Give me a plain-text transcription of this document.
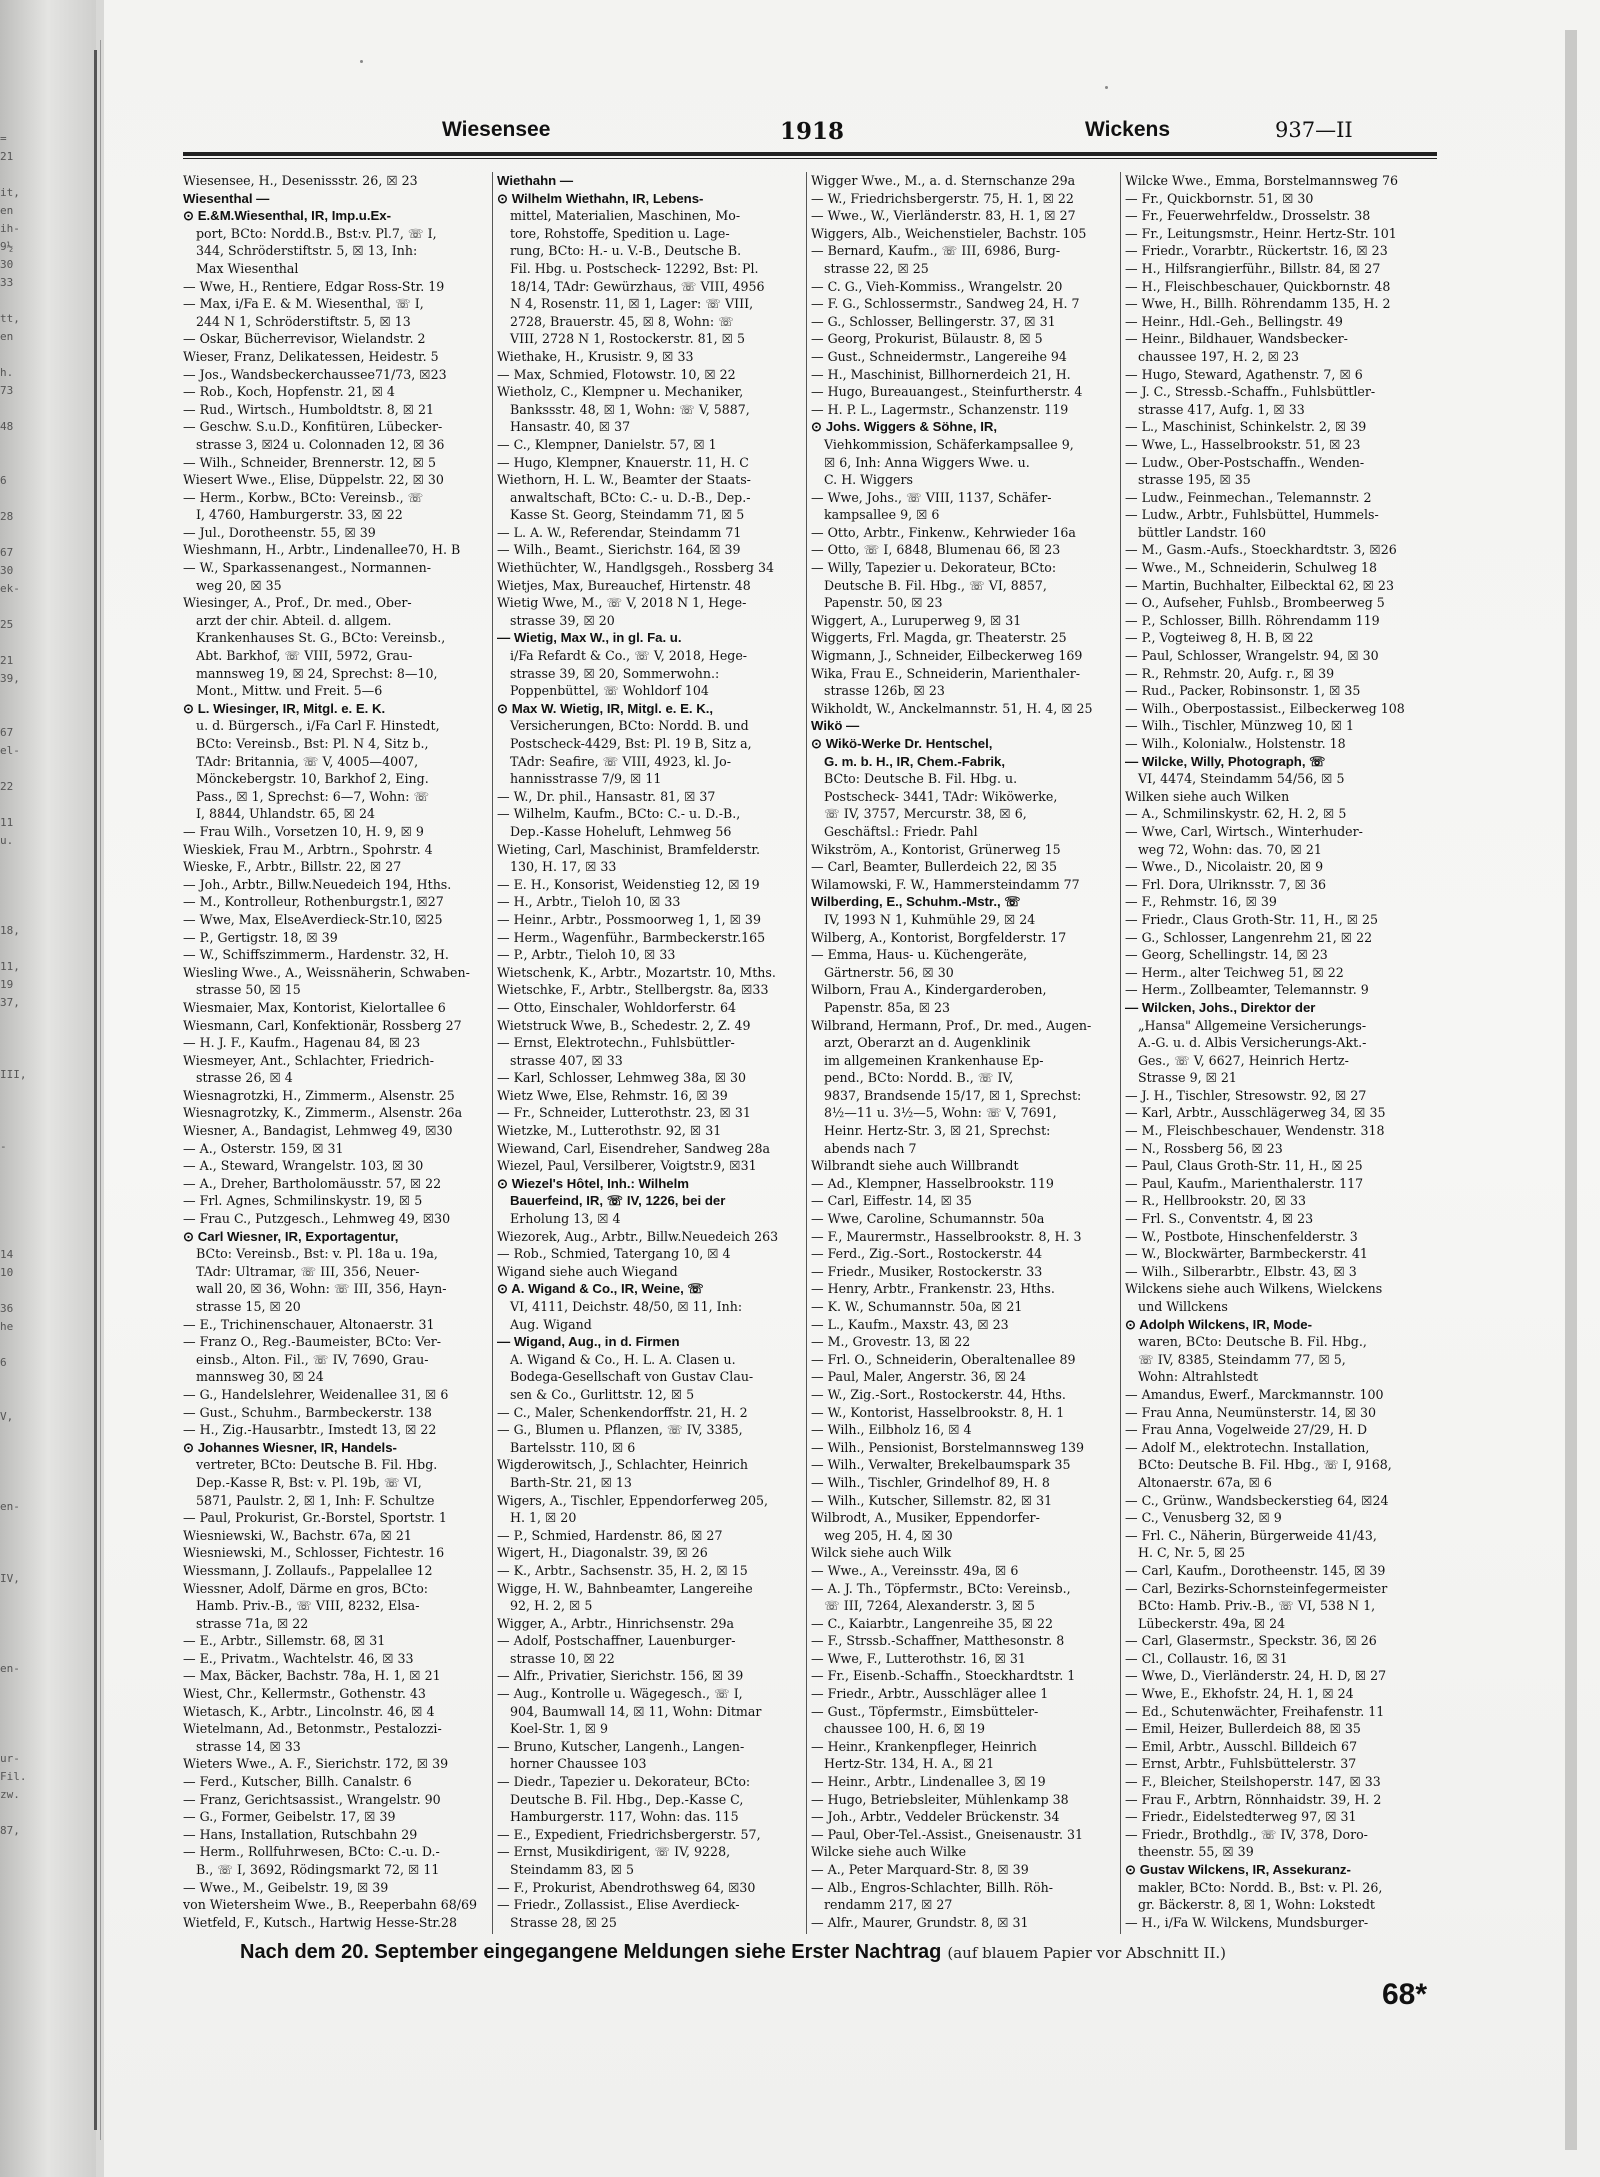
=
21

it,
en
ih-
9½
30
33

tt,
en

h.
73

48

6

28

67
30
ek-

25

21
39,

67
el-

22

11
u.

18,

11,
19
37,

III,

-

14
10

36
he

6

V,

en-

IV,

en-

ur-
Fil.
zw.

87,

Wiesensee	1918	Wickens	937—II
Wiesensee, H., Desenissstr. 26, ☒ 23
Wiesenthal —
⊙ E.&M.Wiesenthal, IR, Imp.u.Ex-
port, BCto: Nordd.B., Bst:v. Pl.7, ☏ I,
344, Schröderstiftstr. 5, ☒ 13, Inh:
Max Wiesenthal
— Wwe, H., Rentiere, Edgar Ross-Str. 19
— Max, i/Fa E. & M. Wiesenthal, ☏ I,
244 N 1, Schröderstiftstr. 5, ☒ 13
— Oskar, Bücherrevisor, Wielandstr. 2
Wieser, Franz, Delikatessen, Heidestr. 5
— Jos., Wandsbeckerchaussee71/73, ☒23
— Rob., Koch, Hopfenstr. 21, ☒ 4
— Rud., Wirtsch., Humboldtstr. 8, ☒ 21
— Geschw. S.u.D., Konfitüren, Lübecker-
strasse 3, ☒24 u. Colonnaden 12, ☒ 36
— Wilh., Schneider, Brennerstr. 12, ☒ 5
Wiesert Wwe., Elise, Düppelstr. 22, ☒ 30
— Herm., Korbw., BCto: Vereinsb., ☏
I, 4760, Hamburgerstr. 33, ☒ 22
— Jul., Dorotheenstr. 55, ☒ 39
Wieshmann, H., Arbtr., Lindenallee70, H. B
— W., Sparkassenangest., Normannen-
weg 20, ☒ 35
Wiesinger, A., Prof., Dr. med., Ober-
arzt der chir. Abteil. d. allgem.
Krankenhauses St. G., BCto: Vereinsb.,
Abt. Barkhof, ☏ VIII, 5972, Grau-
mannsweg 19, ☒ 24, Sprechst: 8—10,
Mont., Mittw. und Freit. 5—6
⊙ L. Wiesinger, IR, Mitgl. e. E. K.
u. d. Bürgersch., i/Fa Carl F. Hinstedt,
BCto: Vereinsb., Bst: Pl. N 4, Sitz b.,
TAdr: Britannia, ☏ V, 4005—4007,
Mönckebergstr. 10, Barkhof 2, Eing.
Pass., ☒ 1, Sprechst: 6—7, Wohn: ☏
I, 8844, Uhlandstr. 65, ☒ 24
— Frau Wilh., Vorsetzen 10, H. 9, ☒ 9
Wieskiek, Frau M., Arbtrn., Spohrstr. 4
Wieske, F., Arbtr., Billstr. 22, ☒ 27
— Joh., Arbtr., Billw.Neuedeich 194, Hths.
— M., Kontrolleur, Rothenburgstr.1, ☒27
— Wwe, Max, ElseAverdieck-Str.10, ☒25
— P., Gertigstr. 18, ☒ 39
— W., Schiffszimmerm., Hardenstr. 32, H.
Wiesling Wwe., A., Weissnäherin, Schwaben-
strasse 50, ☒ 15
Wiesmaier, Max, Kontorist, Kielortallee 6
Wiesmann, Carl, Konfektionär, Rossberg 27
— H. J. F., Kaufm., Hagenau 84, ☒ 23
Wiesmeyer, Ant., Schlachter, Friedrich-
strasse 26, ☒ 4
Wiesnagrotzki, H., Zimmerm., Alsenstr. 25
Wiesnagrotzky, K., Zimmerm., Alsenstr. 26a
Wiesner, A., Bandagist, Lehmweg 49, ☒30
— A., Osterstr. 159, ☒ 31
— A., Steward, Wrangelstr. 103, ☒ 30
— A., Dreher, Bartholomäusstr. 57, ☒ 22
— Frl. Agnes, Schmilinskystr. 19, ☒ 5
— Frau C., Putzgesch., Lehmweg 49, ☒30
⊙ Carl Wiesner, IR, Exportagentur,
BCto: Vereinsb., Bst: v. Pl. 18a u. 19a,
TAdr: Ultramar, ☏ III, 356, Neuer-
wall 20, ☒ 36, Wohn: ☏ III, 356, Hayn-
strasse 15, ☒ 20
— E., Trichinenschauer, Altonaerstr. 31
— Franz O., Reg.-Baumeister, BCto: Ver-
einsb., Alton. Fil., ☏ IV, 7690, Grau-
mannsweg 30, ☒ 24
— G., Handelslehrer, Weidenallee 31, ☒ 6
— Gust., Schuhm., Barmbeckerstr. 138
— H., Zig.-Hausarbtr., Imstedt 13, ☒ 22
⊙ Johannes Wiesner, IR, Handels-
vertreter, BCto: Deutsche B. Fil. Hbg.
Dep.-Kasse R, Bst: v. Pl. 19b, ☏ VI,
5871, Paulstr. 2, ☒ 1, Inh: F. Schultze
— Paul, Prokurist, Gr.-Borstel, Sportstr. 1
Wiesniewski, W., Bachstr. 67a, ☒ 21
Wiesniewski, M., Schlosser, Fichtestr. 16
Wiessmann, J. Zollaufs., Pappelallee 12
Wiessner, Adolf, Därme en gros, BCto:
Hamb. Priv.-B., ☏ VIII, 8232, Elsa-
strasse 71a, ☒ 22
— E., Arbtr., Sillemstr. 68, ☒ 31
— E., Privatm., Wachtelstr. 46, ☒ 33
— Max, Bäcker, Bachstr. 78a, H. 1, ☒ 21
Wiest, Chr., Kellermstr., Gothenstr. 43
Wietasch, K., Arbtr., Lincolnstr. 46, ☒ 4
Wietelmann, Ad., Betonmstr., Pestalozzi-
strasse 14, ☒ 33
Wieters Wwe., A. F., Sierichstr. 172, ☒ 39
— Ferd., Kutscher, Billh. Canalstr. 6
— Franz, Gerichtsassist., Wrangelstr. 90
— G., Former, Geibelstr. 17, ☒ 39
— Hans, Installation, Rutschbahn 29
— Herm., Rollfuhrwesen, BCto: C.-u. D.-
B., ☏ I, 3692, Rödingsmarkt 72, ☒ 11
— Wwe., M., Geibelstr. 19, ☒ 39
von Wietersheim Wwe., B., Reeperbahn 68/69
Wietfeld, F., Kutsch., Hartwig Hesse-Str.28
Wiethahn —
⊙ Wilhelm Wiethahn, IR, Lebens-
mittel, Materialien, Maschinen, Mo-
tore, Rohstoffe, Spedition u. Lage-
rung, BCto: H.- u. V.-B., Deutsche B.
Fil. Hbg. u. Postscheck- 12292, Bst: Pl.
18/14, TAdr: Gewürzhaus, ☏ VIII, 4956
N 4, Rosenstr. 11, ☒ 1, Lager: ☏ VIII,
2728, Brauerstr. 45, ☒ 8, Wohn: ☏
VIII, 2728 N 1, Rostockerstr. 81, ☒ 5
Wiethake, H., Krusistr. 9, ☒ 33
— Max, Schmied, Flotowstr. 10, ☒ 22
Wietholz, C., Klempner u. Mechaniker,
Bankssstr. 48, ☒ 1, Wohn: ☏ V, 5887,
Hansastr. 40, ☒ 37
— C., Klempner, Danielstr. 57, ☒ 1
— Hugo, Klempner, Knauerstr. 11, H. C
Wiethorn, H. L. W., Beamter der Staats-
anwaltschaft, BCto: C.- u. D.-B., Dep.-
Kasse St. Georg, Steindamm 71, ☒ 5
— L. A. W., Referendar, Steindamm 71
— Wilh., Beamt., Sierichstr. 164, ☒ 39
Wiethüchter, W., Handlgsgeh., Rossberg 34
Wietjes, Max, Bureauchef, Hirtenstr. 48
Wietig Wwe, M., ☏ V, 2018 N 1, Hege-
strasse 39, ☒ 20
— Wietig, Max W., in gl. Fa. u.
i/Fa Refardt & Co., ☏ V, 2018, Hege-
strasse 39, ☒ 20, Sommerwohn.:
Poppenbüttel, ☏ Wohldorf 104
⊙ Max W. Wietig, IR, Mitgl. e. E. K.,
Versicherungen, BCto: Nordd. B. und
Postscheck-4429, Bst: Pl. 19 B, Sitz a,
TAdr: Seafire, ☏ VIII, 4923, kl. Jo-
hannisstrasse 7/9, ☒ 11
— W., Dr. phil., Hansastr. 81, ☒ 37
— Wilhelm, Kaufm., BCto: C.- u. D.-B.,
Dep.-Kasse Hoheluft, Lehmweg 56
Wieting, Carl, Maschinist, Bramfelderstr.
130, H. 17, ☒ 33
— E. H., Konsorist, Weidenstieg 12, ☒ 19
— H., Arbtr., Tieloh 10, ☒ 33
— Heinr., Arbtr., Possmoorweg 1, 1, ☒ 39
— Herm., Wagenführ., Barmbeckerstr.165
— P., Arbtr., Tieloh 10, ☒ 33
Wietschenk, K., Arbtr., Mozartstr. 10, Mths.
Wietschke, F., Arbtr., Stellbergstr. 8a, ☒33
— Otto, Einschaler, Wohldorferstr. 64
Wietstruck Wwe, B., Schedestr. 2, Z. 49
— Ernst, Elektrotechn., Fuhlsbüttler-
strasse 407, ☒ 33
— Karl, Schlosser, Lehmweg 38a, ☒ 30
Wietz Wwe, Else, Rehmstr. 16, ☒ 39
— Fr., Schneider, Lutterothstr. 23, ☒ 31
Wietzke, M., Lutterothstr. 92, ☒ 31
Wiewand, Carl, Eisendreher, Sandweg 28a
Wiezel, Paul, Versilberer, Voigtstr.9, ☒31
⊙ Wiezel's Hôtel, Inh.: Wilhelm
Bauerfeind, IR, ☏ IV, 1226, bei der
Erholung 13, ☒ 4
Wiezorek, Aug., Arbtr., Billw.Neuedeich 263
— Rob., Schmied, Tatergang 10, ☒ 4
Wigand siehe auch Wiegand
⊙ A. Wigand & Co., IR, Weine, ☏
VI, 4111, Deichstr. 48/50, ☒ 11, Inh:
Aug. Wigand
— Wigand, Aug., in d. Firmen
A. Wigand & Co., H. L. A. Clasen u.
Bodega-Gesellschaft von Gustav Clau-
sen & Co., Gurlittstr. 12, ☒ 5
— C., Maler, Schenkendorffstr. 21, H. 2
— G., Blumen u. Pflanzen, ☏ IV, 3385,
Bartelsstr. 110, ☒ 6
Wigderowitsch, J., Schlachter, Heinrich
Barth-Str. 21, ☒ 13
Wigers, A., Tischler, Eppendorferweg 205,
H. 1, ☒ 20
— P., Schmied, Hardenstr. 86, ☒ 27
Wigert, H., Diagonalstr. 39, ☒ 26
— K., Arbtr., Sachsenstr. 35, H. 2, ☒ 15
Wigge, H. W., Bahnbeamter, Langereihe
92, H. 2, ☒ 5
Wigger, A., Arbtr., Hinrichsenstr. 29a
— Adolf, Postschaffner, Lauenburger-
strasse 10, ☒ 22
— Alfr., Privatier, Sierichstr. 156, ☒ 39
— Aug., Kontrolle u. Wägegesch., ☏ I,
904, Baumwall 14, ☒ 11, Wohn: Ditmar
Koel-Str. 1, ☒ 9
— Bruno, Kutscher, Langenh., Langen-
horner Chaussee 103
— Diedr., Tapezier u. Dekorateur, BCto:
Deutsche B. Fil. Hbg., Dep.-Kasse C,
Hamburgerstr. 117, Wohn: das. 115
— E., Expedient, Friedrichsbergerstr. 57,
— Ernst, Musikdirigent, ☏ IV, 9228,
Steindamm 83, ☒ 5
— F., Prokurist, Abendrothsweg 64, ☒30
— Friedr., Zollassist., Elise Averdieck-
Strasse 28, ☒ 25
Wigger Wwe., M., a. d. Sternschanze 29a
— W., Friedrichsbergerstr. 75, H. 1, ☒ 22
— Wwe., W., Vierländerstr. 83, H. 1, ☒ 27
Wiggers, Alb., Weichenstieler, Bachstr. 105
— Bernard, Kaufm., ☏ III, 6986, Burg-
strasse 22, ☒ 25
— C. G., Vieh-Kommiss., Wrangelstr. 20
— F. G., Schlossermstr., Sandweg 24, H. 7
— G., Schlosser, Bellingerstr. 37, ☒ 31
— Georg, Prokurist, Bülaustr. 8, ☒ 5
— Gust., Schneidermstr., Langereihe 94
— H., Maschinist, Billhornerdeich 21, H.
— Hugo, Bureauangest., Steinfurtherstr. 4
— H. P. L., Lagermstr., Schanzenstr. 119
⊙ Johs. Wiggers & Söhne, IR,
Viehkommission, Schäferkampsallee 9,
☒ 6, Inh: Anna Wiggers Wwe. u.
C. H. Wiggers
— Wwe, Johs., ☏ VIII, 1137, Schäfer-
kampsallee 9, ☒ 6
— Otto, Arbtr., Finkenw., Kehrwieder 16a
— Otto, ☏ I, 6848, Blumenau 66, ☒ 23
— Willy, Tapezier u. Dekorateur, BCto:
Deutsche B. Fil. Hbg., ☏ VI, 8857,
Papenstr. 50, ☒ 23
Wiggert, A., Luruperweg 9, ☒ 31
Wiggerts, Frl. Magda, gr. Theaterstr. 25
Wigmann, J., Schneider, Eilbeckerweg 169
Wika, Frau E., Schneiderin, Marienthaler-
strasse 126b, ☒ 23
Wikholdt, W., Anckelmannstr. 51, H. 4, ☒ 25
Wikö —
⊙ Wikö-Werke Dr. Hentschel,
G. m. b. H., IR, Chem.-Fabrik,
BCto: Deutsche B. Fil. Hbg. u.
Postscheck- 3441, TAdr: Wiköwerke,
☏ IV, 3757, Mercurstr. 38, ☒ 6,
Geschäftsl.: Friedr. Pahl
Wikström, A., Kontorist, Grünerweg 15
— Carl, Beamter, Bullerdeich 22, ☒ 35
Wilamowski, F. W., Hammersteindamm 77
Wilberding, E., Schuhm.-Mstr., ☏
IV, 1993 N 1, Kuhmühle 29, ☒ 24
Wilberg, A., Kontorist, Borgfelderstr. 17
— Emma, Haus- u. Küchengeräte,
Gärtnerstr. 56, ☒ 30
Wilborn, Frau A., Kindergarderoben,
Papenstr. 85a, ☒ 23
Wilbrand, Hermann, Prof., Dr. med., Augen-
arzt, Oberarzt an d. Augenklinik
im allgemeinen Krankenhause Ep-
pend., BCto: Nordd. B., ☏ IV,
9837, Brandsende 15/17, ☒ 1, Sprechst:
8½—11 u. 3½—5, Wohn: ☏ V, 7691,
Heinr. Hertz-Str. 3, ☒ 21, Sprechst:
abends nach 7
Wilbrandt siehe auch Willbrandt
— Ad., Klempner, Hasselbrookstr. 119
— Carl, Eiffestr. 14, ☒ 35
— Wwe, Caroline, Schumannstr. 50a
— F., Maurermstr., Hasselbrookstr. 8, H. 3
— Ferd., Zig.-Sort., Rostockerstr. 44
— Friedr., Musiker, Rostockerstr. 33
— Henry, Arbtr., Frankenstr. 23, Hths.
— K. W., Schumannstr. 50a, ☒ 21
— L., Kaufm., Maxstr. 43, ☒ 23
— M., Grovestr. 13, ☒ 22
— Frl. O., Schneiderin, Oberaltenallee 89
— Paul, Maler, Angerstr. 36, ☒ 24
— W., Zig.-Sort., Rostockerstr. 44, Hths.
— W., Kontorist, Hasselbrookstr. 8, H. 1
— Wilh., Eilbholz 16, ☒ 4
— Wilh., Pensionist, Borstelmannsweg 139
— Wilh., Verwalter, Brekelbaumspark 35
— Wilh., Tischler, Grindelhof 89, H. 8
— Wilh., Kutscher, Sillemstr. 82, ☒ 31
Wilbrodt, A., Musiker, Eppendorfer-
weg 205, H. 4, ☒ 30
Wilck siehe auch Wilk
— Wwe., A., Vereinsstr. 49a, ☒ 6
— A. J. Th., Töpfermstr., BCto: Vereinsb.,
☏ III, 7264, Alexanderstr. 3, ☒ 5
— C., Kaiarbtr., Langenreihe 35, ☒ 22
— F., Strssb.-Schaffner, Matthesonstr. 8
— Wwe, F., Lutterothstr. 16, ☒ 31
— Fr., Eisenb.-Schaffn., Stoeckhardtstr. 1
— Friedr., Arbtr., Ausschläger allee 1
— Gust., Töpfermstr., Eimsbütteler-
chaussee 100, H. 6, ☒ 19
— Heinr., Krankenpfleger, Heinrich
Hertz-Str. 134, H. A., ☒ 21
— Heinr., Arbtr., Lindenallee 3, ☒ 19
— Hugo, Betriebsleiter, Mühlenkamp 38
— Joh., Arbtr., Veddeler Brückenstr. 34
— Paul, Ober-Tel.-Assist., Gneisenaustr. 31
Wilcke siehe auch Wilke
— A., Peter Marquard-Str. 8, ☒ 39
— Alb., Engros-Schlachter, Billh. Röh-
rendamm 217, ☒ 27
— Alfr., Maurer, Grundstr. 8, ☒ 31
Wilcke Wwe., Emma, Borstelmannsweg 76
— Fr., Quickbornstr. 51, ☒ 30
— Fr., Feuerwehrfeldw., Drosselstr. 38
— Fr., Leitungsmstr., Heinr. Hertz-Str. 101
— Friedr., Vorarbtr., Rückertstr. 16, ☒ 23
— H., Hilfsrangierführ., Billstr. 84, ☒ 27
— H., Fleischbeschauer, Quickbornstr. 48
— Wwe, H., Billh. Röhrendamm 135, H. 2
— Heinr., Hdl.-Geh., Bellingstr. 49
— Heinr., Bildhauer, Wandsbecker-
chaussee 197, H. 2, ☒ 23
— Hugo, Steward, Agathenstr. 7, ☒ 6
— J. C., Stressb.-Schaffn., Fuhlsbüttler-
strasse 417, Aufg. 1, ☒ 33
— L., Maschinist, Schinkelstr. 2, ☒ 39
— Wwe, L., Hasselbrookstr. 51, ☒ 23
— Ludw., Ober-Postschaffn., Wenden-
strasse 195, ☒ 35
— Ludw., Feinmechan., Telemannstr. 2
— Ludw., Arbtr., Fuhlsbüttel, Hummels-
büttler Landstr. 160
— M., Gasm.-Aufs., Stoeckhardtstr. 3, ☒26
— Wwe., M., Schneiderin, Schulweg 18
— Martin, Buchhalter, Eilbecktal 62, ☒ 23
— O., Aufseher, Fuhlsb., Brombeerweg 5
— P., Schlosser, Billh. Röhrendamm 119
— P., Vogteiweg 8, H. B, ☒ 22
— Paul, Schlosser, Wrangelstr. 94, ☒ 30
— R., Rehmstr. 20, Aufg. r., ☒ 39
— Rud., Packer, Robinsonstr. 1, ☒ 35
— Wilh., Oberpostassist., Eilbeckerweg 108
— Wilh., Tischler, Münzweg 10, ☒ 1
— Wilh., Kolonialw., Holstenstr. 18
— Wilcke, Willy, Photograph, ☏
VI, 4474, Steindamm 54/56, ☒ 5
Wilken siehe auch Wilken
— A., Schmilinskystr. 62, H. 2, ☒ 5
— Wwe, Carl, Wirtsch., Winterhuder-
weg 72, Wohn: das. 70, ☒ 21
— Wwe., D., Nicolaistr. 20, ☒ 9
— Frl. Dora, Ulriknsstr. 7, ☒ 36
— F., Rehmstr. 16, ☒ 39
— Friedr., Claus Groth-Str. 11, H., ☒ 25
— G., Schlosser, Langenrehm 21, ☒ 22
— Georg, Schellingstr. 14, ☒ 23
— Herm., alter Teichweg 51, ☒ 22
— Herm., Zollbeamter, Telemannstr. 9
— Wilcken, Johs., Direktor der
„Hansa" Allgemeine Versicherungs-
A.-G. u. d. Albis Versicherungs-Akt.-
Ges., ☏ V, 6627, Heinrich Hertz-
Strasse 9, ☒ 21
— J. H., Tischler, Stresowstr. 92, ☒ 27
— Karl, Arbtr., Ausschlägerweg 34, ☒ 35
— M., Fleischbeschauer, Wendenstr. 318
— N., Rossberg 56, ☒ 23
— Paul, Claus Groth-Str. 11, H., ☒ 25
— Paul, Kaufm., Marienthalerstr. 117
— R., Hellbrookstr. 20, ☒ 33
— Frl. S., Conventstr. 4, ☒ 23
— W., Postbote, Hinschenfelderstr. 3
— W., Blockwärter, Barmbeckerstr. 41
— Wilh., Silberarbtr., Elbstr. 43, ☒ 3
Wilckens siehe auch Wilkens, Wielckens
und Willckens
⊙ Adolph Wilckens, IR, Mode-
waren, BCto: Deutsche B. Fil. Hbg.,
☏ IV, 8385, Steindamm 77, ☒ 5,
Wohn: Altrahlstedt
— Amandus, Ewerf., Marckmannstr. 100
— Frau Anna, Neumünsterstr. 14, ☒ 30
— Frau Anna, Vogelweide 27/29, H. D
— Adolf M., elektrotechn. Installation,
BCto: Deutsche B. Fil. Hbg., ☏ I, 9168,
Altonaerstr. 67a, ☒ 6
— C., Grünw., Wandsbeckerstieg 64, ☒24
— C., Venusberg 32, ☒ 9
— Frl. C., Näherin, Bürgerweide 41/43,
H. C, Nr. 5, ☒ 25
— Carl, Kaufm., Dorotheenstr. 145, ☒ 39
— Carl, Bezirks-Schornsteinfegermeister
BCto: Hamb. Priv.-B., ☏ VI, 538 N 1,
Lübeckerstr. 49a, ☒ 24
— Carl, Glasermstr., Speckstr. 36, ☒ 26
— Cl., Collaustr. 16, ☒ 31
— Wwe, D., Vierländerstr. 24, H. D, ☒ 27
— Wwe, E., Ekhofstr. 24, H. 1, ☒ 24
— Ed., Schutenwächter, Freihafenstr. 11
— Emil, Heizer, Bullerdeich 88, ☒ 35
— Emil, Arbtr., Ausschl. Billdeich 67
— Ernst, Arbtr., Fuhlsbüttelerstr. 37
— F., Bleicher, Steilshoperstr. 147, ☒ 33
— Frau F., Arbtrn, Rönnhaidstr. 39, H. 2
— Friedr., Eidelstedterweg 97, ☒ 31
— Friedr., Brothdlg., ☏ IV, 378, Doro-
theenstr. 55, ☒ 39
⊙ Gustav Wilckens, IR, Assekuranz-
makler, BCto: Nordd. B., Bst: v. Pl. 26,
gr. Bäckerstr. 8, ☒ 1, Wohn: Lokstedt
— H., i/Fa W. Wilckens, Mundsburger-
Nach dem 20. September eingegangene Meldungen siehe Erster Nachtrag (auf blauem Papier vor Abschnitt II.)
68*
